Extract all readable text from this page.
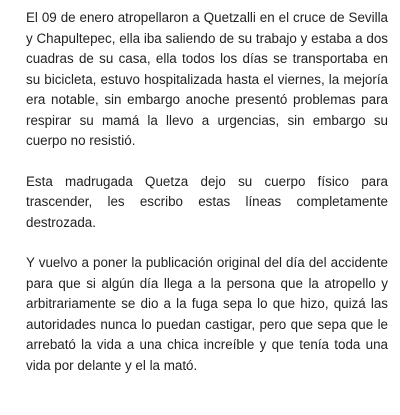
El 09 de enero atropellaron a Quetzalli en el cruce de Sevilla y Chapultepec, ella iba saliendo de su trabajo y estaba a dos cuadras de su casa, ella todos los días se transportaba en su bicicleta, estuvo hospitalizada hasta el viernes, la mejoría era notable, sin embargo anoche presentó problemas para respirar su mamá la llevo a urgencias, sin embargo su cuerpo no resistió.

Esta madrugada Quetza dejo su cuerpo físico para trascender, les escribo estas líneas completamente destrozada.

Y vuelvo a poner la publicación original del día del accidente para que si algún día llega a la persona que la atropello y arbitrariamente se dio a la fuga sepa lo que hizo, quizá las autoridades nunca lo puedan castigar, pero que sepa que le arrebató la vida a una chica increíble y que tenía toda una vida por delante y el la mató.
